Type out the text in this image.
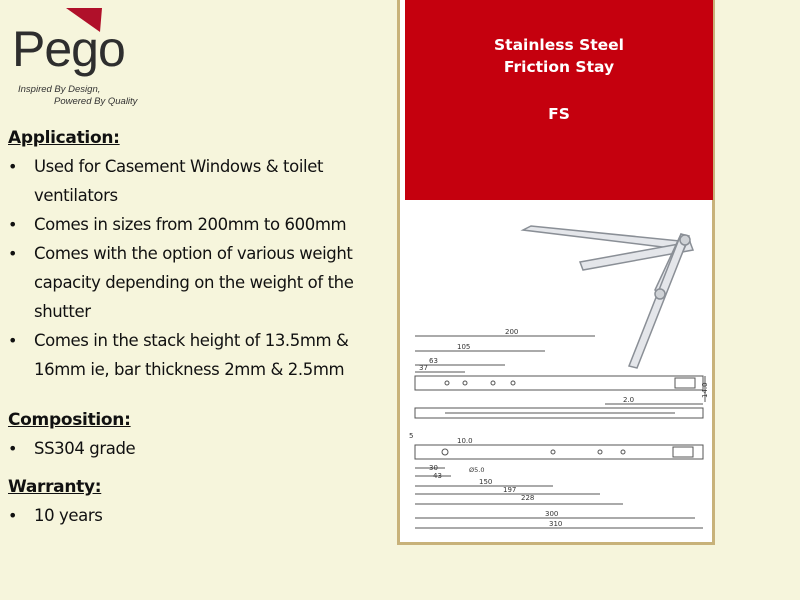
Pego
Inspired By Design,
Powered By Quality
Application:
• Used for Casement Windows & toilet ventilators
• Comes in sizes from 200mm to 600mm
• Comes with the option of various weight capacity depending on the weight of the shutter
• Comes in the stack height of 13.5mm & 16mm ie, bar thickness 2mm & 2.5mm
Composition:
• SS304 grade
Warranty:
• 10 years
Stainless Steel
Friction Stay
FS
200
105
63
37
14.0
2.0
5
10.0
30
43
Ø5.0
150
197
228
300
310
